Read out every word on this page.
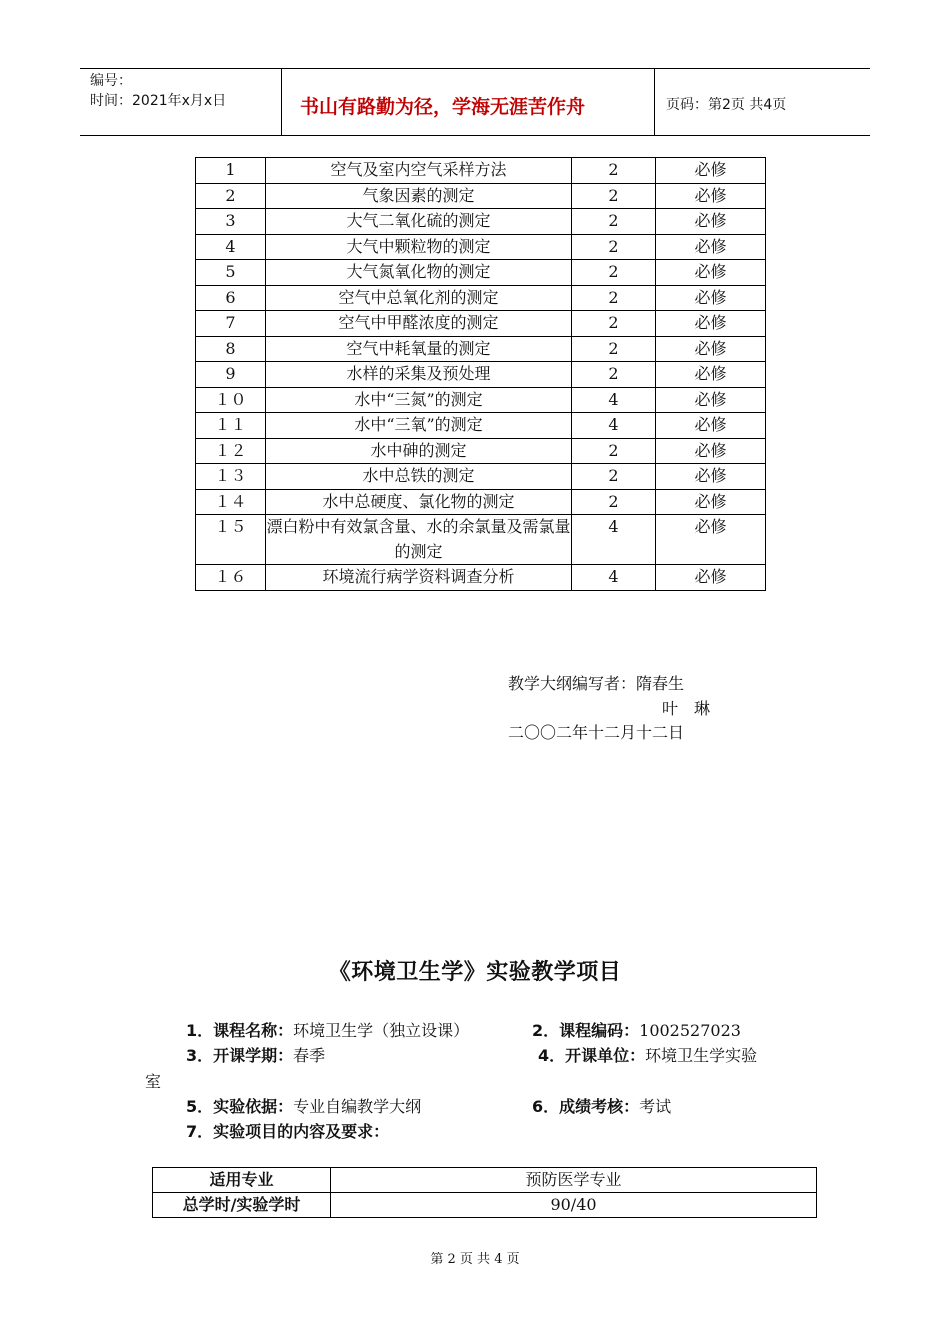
编号：
时间：2021年x月x日	书山有路勤为径，学海无涯苦作舟	页码：第2页 共4页
1	空气及室内空气采样方法	2	必修
2	气象因素的测定	2	必修
3	大气二氧化硫的测定	2	必修
4	大气中颗粒物的测定	2	必修
5	大气氮氧化物的测定	2	必修
6	空气中总氧化剂的测定	2	必修
7	空气中甲醛浓度的测定	2	必修
8	空气中耗氧量的测定	2	必修
9	水样的采集及预处理	2	必修
１０	水中“三氮”的测定	4	必修
１１	水中“三氧”的测定	4	必修
１２	水中砷的测定	2	必修
１３	水中总铁的测定	2	必修
１４	水中总硬度、氯化物的测定	2	必修
１５	漂白粉中有效氯含量、水的余氯量及需氯量的测定	4	必修
１６	环境流行病学资料调查分析	4	必修
教学大纲编写者：隋春生
叶　琳
二〇〇二年十二月十二日
《环境卫生学》实验教学项目
1．课程名称：环境卫生学（独立设课）	2．课程编码：1002527023
3．开课学期：春季	4．开课单位：环境卫生学实验
室
5．实验依据：专业自编教学大纲	6．成绩考核：考试
7．实验项目的内容及要求：
适用专业	预防医学专业
总学时/实验学时	90/40
第 2 页 共 4 页
